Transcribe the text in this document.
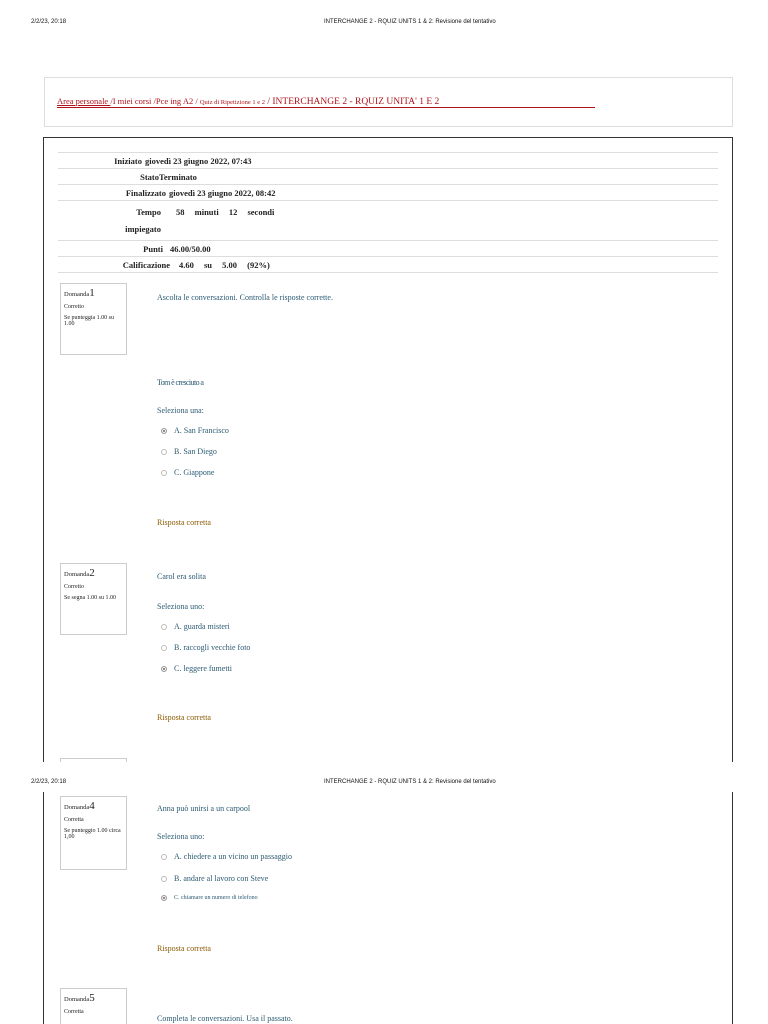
2/2/23, 20:18	INTERCHANGE 2 - RQUIZ UNITS 1 & 2: Revisione del tentativo
Area personale /I miei corsi /Pce ing A2 / Quiz di Ripetizione 1 e 2 / INTERCHANGE 2 - RQUIZ UNITA' 1 E 2
Iniziato giovedì 23 giugno 2022, 07:43
Stato Terminato
Finalizzato giovedì 23 giugno 2022, 08:42
Tempo impiegato
58 minuti 12 secondi
Punti 46.00/50.00
Calificazione	4.60 su 5.00 (92%)
Domanda1
Corretto
Se punteggia 1.00 su 1.00
Ascolta le conversazioni. Controlla le risposte corrette.
Tom è cresciuto a
Seleziona una:
A. San Francisco
B. San Diego
C. Giappone
Risposta corretta
Domanda2
Corretto
Se segna 1.00 su 1.00
Carol era solita
Seleziona uno:
A. guarda misteri
B. raccogli vecchie foto
C. leggere fumetti
Risposta corretta
2/2/23, 20:18	INTERCHANGE 2 - RQUIZ UNITS 1 & 2: Revisione del tentativo
Domanda4
Corretta
Se punteggio 1.00 circa 1,00
Anna può unirsi a un carpool
Seleziona uno:
A. chiedere a un vicino un passaggio
B. andare al lavoro con Steve
C. chiamare un numero di telefono
Risposta corretta
Domanda5
Corretta
Completa le conversazioni. Usa il passato.
